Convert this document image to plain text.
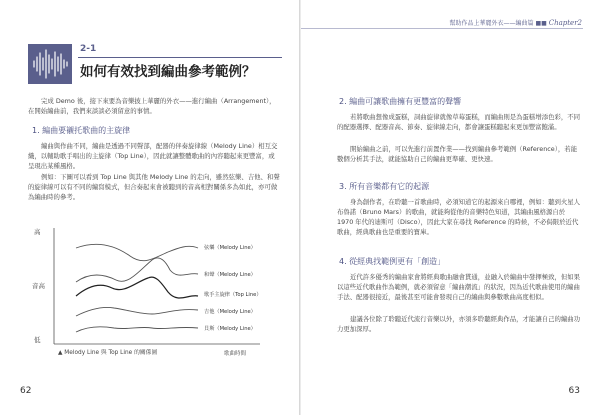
2-1
如何有效找到編曲參考範例？
完成 Demo 後，接下來要為音樂披上華麗的外衣——進行編曲（Arrangement），在開始編曲前，我們來談談必須留意的事情。
1. 編曲要襯托歌曲的主旋律
編曲與作曲不同，編曲是透過不同聲部，配器的伴奏旋律線（Melody Line）相互交織，以輔助歌手唱出的主旋律（Top Line），因此就讓整體歌曲的內容聽起來更豐富，或呈現出某種風格。
例如：下圖可以看到 Top Line 與其他 Melody Line 的走向，雖然弦樂、吉他、和聲的旋律線可以有不同的編寫模式，但合奏起來會被聽到的音高相對關係多為如此，亦可做為編曲時的參考。
高
音高
低
歌曲時間
弦樂（Melody Line）
和聲（Melody Line）
歌手主旋律（Top Line）
吉他（Melody Line）
貝斯（Melody Line）
▲ Melody Line 與 Top Line 的關係圖
62
幫助作品上華麗外衣——編曲篇 ■■ Chapter2
2. 編曲可讓歌曲擁有更豐富的聲響
若將歌曲想像成蛋糕，詞曲旋律就像草莓蛋糕，而編曲則是為蛋糕增添色彩，不同的配器選擇、配器音高、節奏、旋律線走向，都會讓蛋糕聽起來更加豐富飽滿。
開始編曲之前，可以先進行前置作業——找到編曲參考範例（Reference），若能數個分析其手法，就能協助自己的編曲更準確、更快速。
3. 所有音樂都有它的起源
身為創作者，在聆聽一首歌曲時，必須知道它的起源來自哪裡，例如：聽到火星人布魯諾（Bruno Mars）的歌曲，就能夠從他的音樂特色知道，其編曲風格源自於 1970 年代的迪斯可（Disco），因此大家在尋找 Reference 的時候，不必侷限於近代歌曲，經典歌曲也是重要的寶庫。
4. 從經典找範例更有「創造」
近代許多優秀的編曲家會將經典歌曲融會貫通，並融入於編曲中發揮極致，但如果以這些近代歌曲作為範例，就必須留意「編曲潮流」的狀況，因為近代歌曲使用的編曲手法、配器很接近，最後甚至可能會發現自己的編曲與參數歌曲高度相似。
建議各位除了聆聽近代流行音樂以外，亦須多聆聽經典作品，才能讓自己的編曲功力更加深厚。
63
